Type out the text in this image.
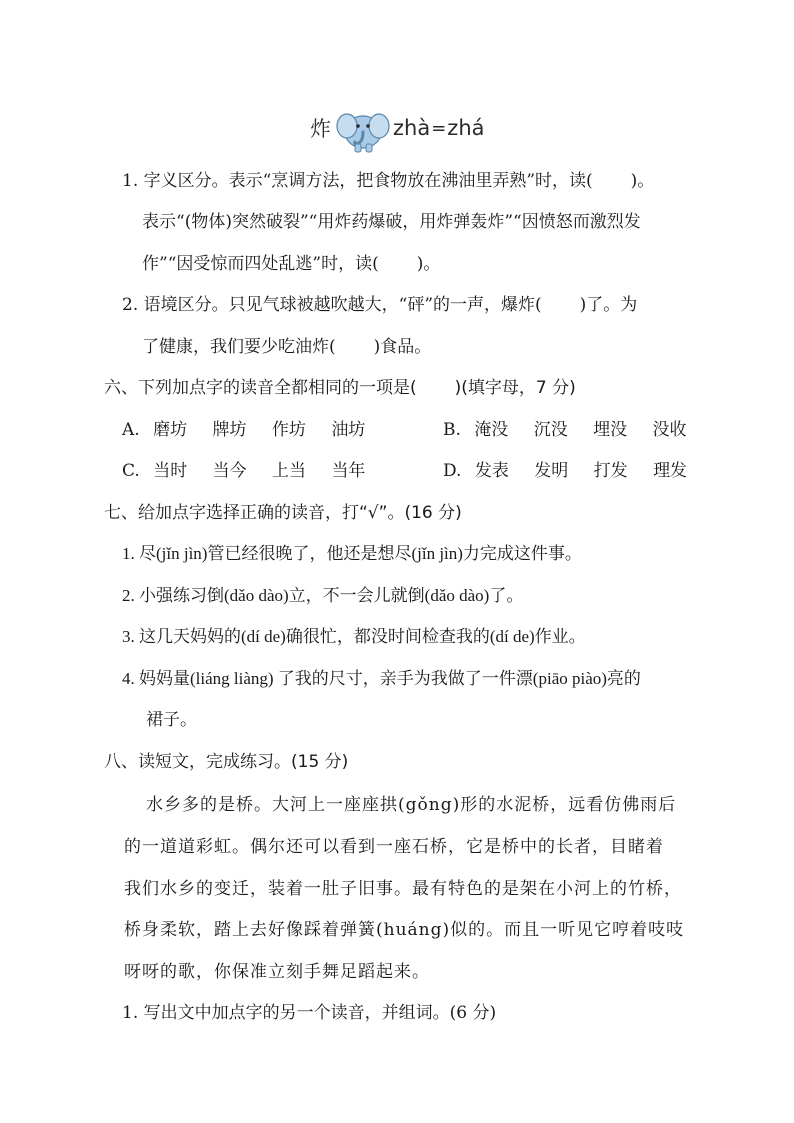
炸	zhà = zhá
1. 字义区分。表示“烹调方法，把食物放在沸油里弄熟”时，读( )。
表示“(物体)突然破裂”“用炸药爆破，用炸弹轰炸”“因愤怒而激烈发
作”“因受惊而四处乱逃”时，读( )。
2. 语境区分。只见气球被越吹越大，“砰”的一声，爆炸( )了。为
了健康，我们要少吃油炸( )食品。
六、下列加点字的读音全都相同的一项是( )(填字母，7 分)
A. 磨坊 牌坊 作坊 油坊	B. 淹没 沉没 埋没 没收
C. 当时 当今 上当 当年	D. 发表 发明 打发 理发
七、给加点字选择正确的读音，打“√”。(16 分)
1. 尽(jǐn jìn)管已经很晚了，他还是想尽(jǐn jìn)力完成这件事。
2. 小强练习倒(dǎo dào)立，不一会儿就倒(dǎo dào)了。
3. 这几天妈妈的(dí de)确很忙，都没时间检查我的(dí de)作业。
4. 妈妈量(liáng liàng) 了我的尺寸，亲手为我做了一件漂(piāo piào)亮的
裙子。
八、读短文，完成练习。(15 分)
水乡多的是桥。大河上一座座拱(gǒng)形的水泥桥，远看仿佛雨后
的一道道彩虹。偶尔还可以看到一座石桥，它是桥中的长者，目睹着
我们水乡的变迁，装着一肚子旧事。最有特色的是架在小河上的竹桥，
桥身柔软，踏上去好像踩着弹簧(huáng)似的。而且一听见它哼着吱吱
呀呀的歌，你保准立刻手舞足蹈起来。
1. 写出文中加点字的另一个读音，并组词。(6 分)
